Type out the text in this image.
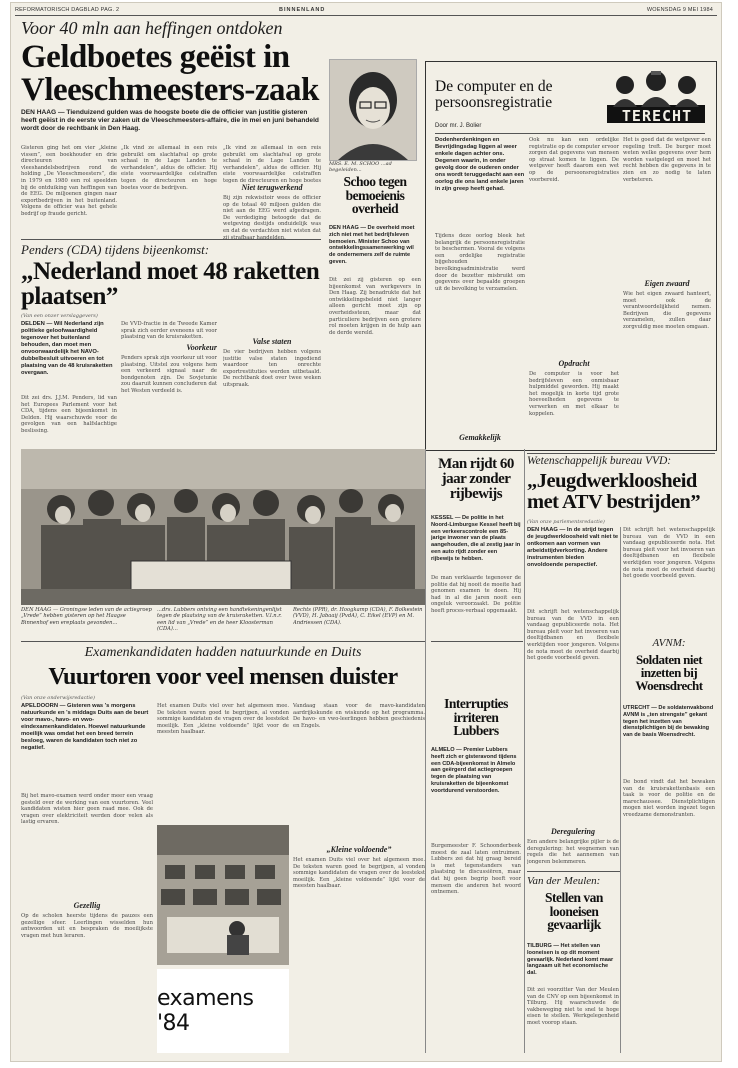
REFORMATORISCH DAGBLAD PAG. 2	BINNENLAND	WOENSDAG 9 MEI 1984
Voor 40 mln aan heffingen ontdoken
Geldboetes geëist in Vleeschmeesters-zaak
DEN HAAG — Tienduizend gulden was de hoogste boete die de officier van justitie gisteren heeft geëist in de eerste vier zaken uit de Vleeschmeesters-affaire, die in mei en juni behandeld wordt door de rechtbank in Den Haag.
Gisteren ging het om vier „kleine vissen”, een boekhouder en drie directeuren van vleeshandelsbedrijven rond de holding „De Vleeschmeesters”, die in 1979 en 1980 een rol speelden bij de ontduiking van heffingen van de EEG. De miljoenen gingen naar exportbedrijven in het buitenland. Volgens de officier was het gehele bedrijf op fraude gericht.
„Ik vind ze allemaal in een reis gebruikt om slachtafval op grote schaal in de Lage Landen te verhandelen”, aldus de officier. Hij eiste voorwaardelijke celstraffen tegen de directeuren en hoge boetes voor de bedrijven.
„Ik vind ze allemaal in een reis gebruikt om slachtafval op grote schaal in de Lage Landen te verhandelen”, aldus de officier. Hij eiste voorwaardelijke celstraffen tegen de directeuren en hoge boetes
Niet terugwerkend
Bij zijn rekwisitoir wees de officier op de totaal 40 miljoen gulden die niet aan de EEG werd afgedragen. De verdediging betoogde dat de wetgeving destijds onduidelijk was en dat de verdachten niet wisten dat zij strafbaar handelden.
Valse staten
De vier bedrijven hebben volgens justitie valse staten ingediend waardoor ten onrechte exportrestituties werden uitbetaald. De rechtbank doet over twee weken uitspraak.
MRS. E. M. SCHOO ...ad begeleiden...
Schoo tegen bemoeienis overheid
DEN HAAG — De overheid moet zich niet met het bedrijfsleven bemoeien. Minister Schoo van ontwikkelingssamenwerking wil de ondernemers zelf de ruimte geven.
Dit zei zij gisteren op een bijeenkomst van werkgevers in Den Haag. Zij benadrukte dat het ontwikkelingsbeleid niet langer alleen gericht moet zijn op overheidssteun, maar dat particuliere bedrijven een grotere rol moeten krijgen in de hulp aan de derde wereld.
De computer en de persoonsregistratie
Door mr. J. Bolier
TERECHT
Dodenherdenkingen en Bevrijdingsdag liggen al weer enkele dagen achter ons. Degenen waarin, in onder gevolg door de ouderen onder ons wordt teruggedacht aan een oorlog die ons land enkele jaren in zijn greep heeft gehad.
Tijdens deze oorlog bleek het belangrijk de persoonsregistratie te beschermen. Vooral de volgens een ordelijke registratie bijgehouden bevolkingsadministratie werd door de bezetter misbruikt om gegevens over bepaalde groepen uit de bevolking te verzamelen.
Ook nu kan een ordelijke registratie op de computer ervoor zorgen dat gegevens van mensen op straat komen te liggen. De wetgever heeft daarom een wet op de persoonsregistraties voorbereid.
Opdracht
De computer is voor het bedrijfsleven een onmisbaar hulpmiddel geworden. Hij maakt het mogelijk in korte tijd grote hoeveelheden gegevens te verwerken en met elkaar te koppelen.
Het is goed dat de wetgever een regeling treft. De burger moet weten welke gegevens over hem worden vastgelegd en moet het recht hebben die gegevens in te zien en zo nodig te laten verbeteren.
Eigen zwaard
Wie het eigen zwaard hanteert, moet ook de verantwoordelijkheid nemen. Bedrijven die gegevens verzamelen, zullen daar zorgvuldig mee moeten omgaan.
Gemakkelijk
Penders (CDA) tijdens bijeenkomst:
„Nederland moet 48 raketten plaatsen”
(Van een onzer verslaggevers)
DELDEN — Wil Nederland zijn politieke geloofwaardigheid tegenover het buitenland behouden, dan moet men onvoorwaardelijk het NAVO-dubbelbesluit uitvoeren en tot plaatsing van de 48 kruisraketten overgaan.
Dit zei drs. J.J.M. Penders, lid van het Europees Parlement voor het CDA, tijdens een bijeenkomst in Delden. Hij waarschuwde voor de gevolgen van een halfslachtige beslissing.
De VVD-fractie in de Tweede Kamer sprak zich eerder eveneens uit voor plaatsing van de kruisraketten.
Voorkeur
Penders sprak zijn voorkeur uit voor plaatsing. Uitstel zou volgens hem een verkeerd signaal naar de bondgenoten zijn. De Sovjetunie zou daaruit kunnen concluderen dat het Westen verdeeld is.
DEN HAAG — Groningse leden van de actiegroep „Vrede” hebben gisteren op het Haagse Binnenhof een ereplaats gevonden...
...drs. Lubbers ontving een handtekeningenlijst tegen de plaatsing van de kruisraketten. V.l.n.r. een lid van „Vrede” en de heer Kloosterman (CDA)...
Rechts (PPR), dr. Hoogkamp (CDA), F. Bolkestein (VVD), H. Jabaaij (PvdA), C. Eikel (EVP) en M. Andriessen (CDA).
Man rijdt 60 jaar zonder rijbewijs
KESSEL — De politie in het Noord-Limburgse Kessel heeft bij een verkeerscontrole een 85-jarige inwoner van de plaats aangehouden, die al zestig jaar in een auto rijdt zonder een rijbewijs te hebben.
De man verklaarde tegenover de politie dat hij nooit de moeite had genomen examen te doen. Hij had in al die jaren nooit een ongeluk veroorzaakt. De politie heeft proces-verbaal opgemaakt.
Examenkandidaten hadden natuurkunde en Duits
Vuurtoren voor veel mensen duister
(Van onze onderwijsredactie)
APELDOORN — Gisteren was 's morgens natuurkunde en 's middags Duits aan de beurt voor mavo-, havo- en vwo-eindexamenkandidaten. Hoewel natuurkunde moeilijk was omdat het een breed terrein besloeg, waren de kandidaten toch niet zo negatief.
Bij het mavo-examen werd onder meer een vraag gesteld over de werking van een vuurtoren. Veel kandidaten wisten hier geen raad mee. Ook de vragen over elektriciteit werden door velen als lastig ervaren.
Gezellig
Op de scholen heerste tijdens de pauzes een gezellige sfeer. Leerlingen wisselden hun antwoorden uit en bespraken de moeilijkste vragen met hun leraren.
Het examen Duits viel over het algemeen mee. De teksten waren goed te begrijpen, al vonden sommige kandidaten de vragen over de leestekst moeilijk. Een „kleine voldoende” lijkt voor de meesten haalbaar.
Vandaag staan voor de mavo-kandidaten aardrijkskunde en wiskunde op het programma. De havo- en vwo-leerlingen hebben geschiedenis en Engels.
„Kleine voldoende”
Het examen Duits viel over het algemeen mee. De teksten waren goed te begrijpen, al vonden sommige kandidaten de vragen over de leestekst moeilijk. Een „kleine voldoende” lijkt voor de meesten haalbaar.
examens '84
Interrupties irriteren Lubbers
ALMELO — Premier Lubbers heeft zich er gisteravond tijdens een CDA-bijeenkomst in Almelo aan geërgerd dat actiegroepen tegen de plaatsing van kruisraketten de bijeenkomst voortdurend verstoorden.
Burgemeester F. Schoonderbeek moest de zaal laten ontruimen. Lubbers zei dat hij graag bereid is met tegenstanders van plaatsing te discussiëren, maar dat hij geen begrip heeft voor mensen die anderen het woord ontnemen.
Wetenschappelijk bureau VVD:
„Jeugdwerkloosheid met ATV bestrijden”
(Van onze parlementsredactie)
DEN HAAG — In de strijd tegen de jeugdwerkloosheid valt niet te ontkomen aan vormen van arbeidstijdverkorting. Andere instrumenten bieden onvoldoende perspectief.
Dit schrijft het wetenschappelijk bureau van de VVD in een vandaag gepubliceerde nota. Het bureau pleit voor het invoeren van deeltijdbanen en flexibele werktijden voor jongeren. Volgens de nota moet de overheid daarbij het goede voorbeeld geven.
Deregulering
Een andere belangrijke pijler is de deregulering: het wegnemen van regels die het aannemen van jongeren belemmeren.
Dit schrijft het wetenschappelijk bureau van de VVD in een vandaag gepubliceerde nota. Het bureau pleit voor het invoeren van deeltijdbanen en flexibele werktijden voor jongeren. Volgens de nota moet de overheid daarbij het goede voorbeeld geven.
AVNM:
Soldaten niet inzetten bij Woensdrecht
UTRECHT — De soldatenvakbond AVNM is „ten strengste” gekant tegen het inzetten van dienstplichtigen bij de bewaking van de basis Woensdrecht.
De bond vindt dat het bewaken van de kruisrakettenbasis een taak is voor de politie en de marechaussee. Dienstplichtigen mogen niet worden ingezet tegen vreedzame demonstranten.
Van der Meulen:
Stellen van looneisen gevaarlijk
TILBURG — Het stellen van looneisen is op dit moment gevaarlijk. Nederland komt maar langzaam uit het economische dal.
Dit zei voorzitter Van der Meulen van de CNV op een bijeenkomst in Tilburg. Hij waarschuwde de vakbeweging niet te snel te hoge eisen te stellen. Werkgelegenheid moet voorop staan.
